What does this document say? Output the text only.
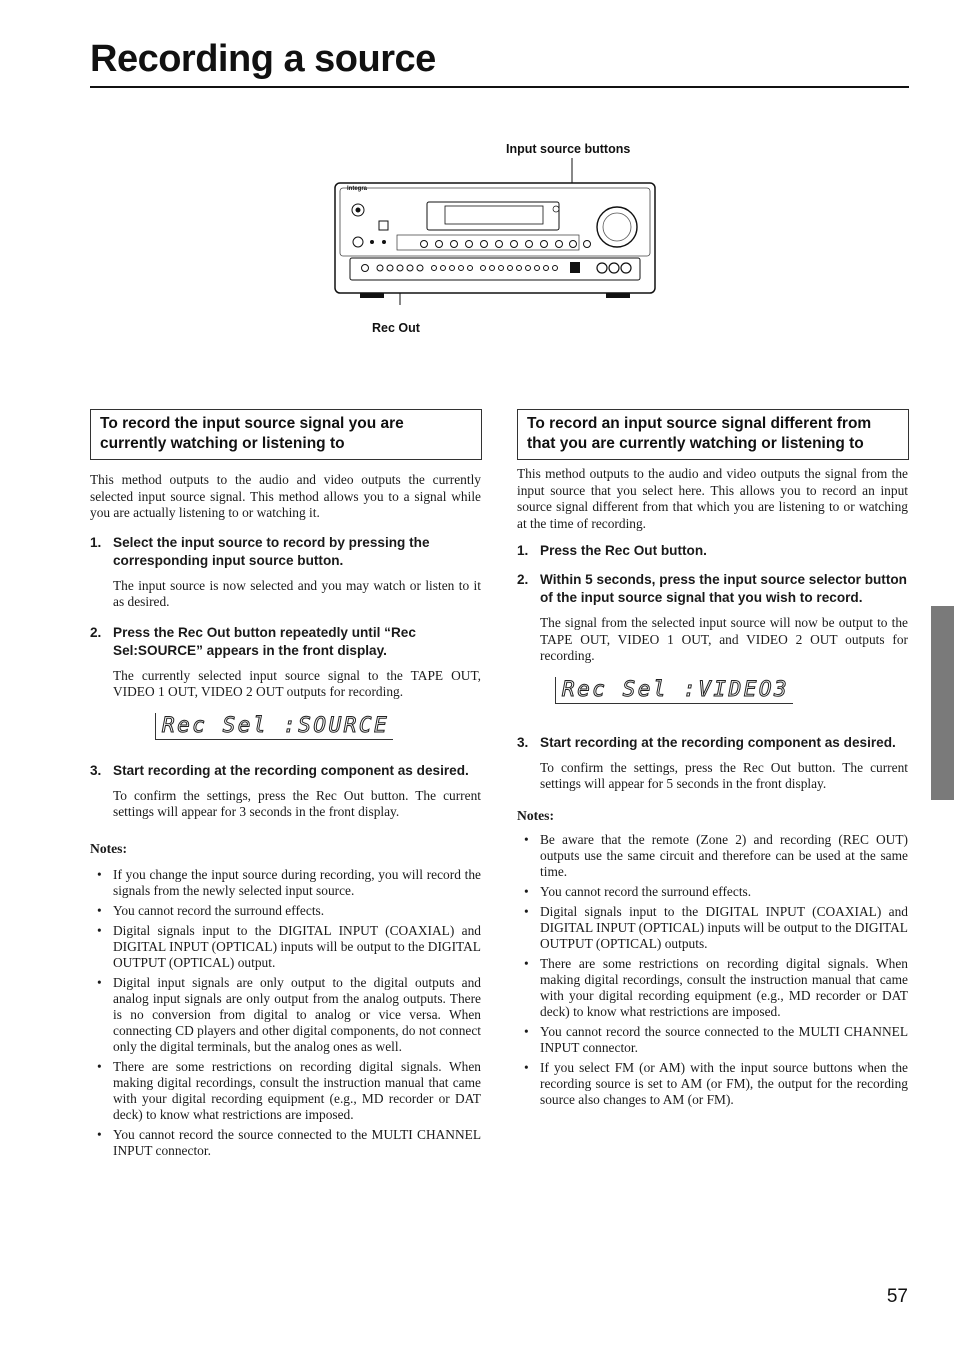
Recording a source
Input source buttons
Rec Out
Integra
To record the input source signal you are currently watching or listening to

This method outputs to the audio and video outputs the currently selected input source signal. This method allows you to a signal while you are actually listening to or watching it.

1. Select the input source to record by pressing the corresponding input source button.

The input source is now selected and you may watch or listen to it as desired.

2. Press the Rec Out button repeatedly until “Rec Sel:SOURCE” appears in the front display.

The currently selected input source signal to the TAPE OUT, VIDEO 1 OUT, VIDEO 2 OUT outputs for recording.

Rec Sel :SOURCE

3. Start recording at the recording component as desired.

To confirm the settings, press the Rec Out button. The current settings will appear for 3 seconds in the front display.

Notes:

• If you change the input source during recording, you will record the signals from the newly selected input source.
• You cannot record the surround effects.
• Digital signals input to the DIGITAL INPUT (COAXIAL) and DIGITAL INPUT (OPTICAL) inputs will be output to the DIGITAL OUTPUT (OPTICAL) output.
• Digital input signals are only output to the digital outputs and analog input signals are only output from the analog outputs. There is no conversion from digital to analog or vice versa. When connecting CD players and other digital components, do not connect only the digital terminals, but the analog ones as well.
• There are some restrictions on recording digital signals. When making digital recordings, consult the instruction manual that came with your digital recording equipment (e.g., MD recorder or DAT deck) to know what restrictions are imposed.
• You cannot record the source connected to the MULTI CHANNEL INPUT connector.
To record an input source signal different from that you are currently watching or listening to

This method outputs to the audio and video outputs the signal from the input source that you select here. This allows you to record an input source signal different from that which you are listening to or watching at the time of recording.

1. Press the Rec Out button.

2. Within 5 seconds, press the input source selector button of the input source signal that you wish to record.

The signal from the selected input source will now be output to the TAPE OUT, VIDEO 1 OUT, and VIDEO 2 OUT outputs for recording.

Rec Sel :VIDEO3

3. Start recording at the recording component as desired.

To confirm the settings, press the Rec Out button. The current settings will appear for 5 seconds in the front display.

Notes:

• Be aware that the remote (Zone 2) and recording (REC OUT) outputs use the same circuit and therefore can be used at the same time.
• You cannot record the surround effects.
• Digital signals input to the DIGITAL INPUT (COAXIAL) and DIGITAL INPUT (OPTICAL) inputs will be output to the DIGITAL OUTPUT (OPTICAL) outputs.
• There are some restrictions on recording digital signals. When making digital recordings, consult the instruction manual that came with your digital recording equipment (e.g., MD recorder or DAT deck) to know what restrictions are imposed.
• You cannot record the source connected to the MULTI CHANNEL INPUT connector.
• If you select FM (or AM) with the input source buttons when the recording source is set to AM (or FM), the output for the recording source also changes to AM (or FM).
57
